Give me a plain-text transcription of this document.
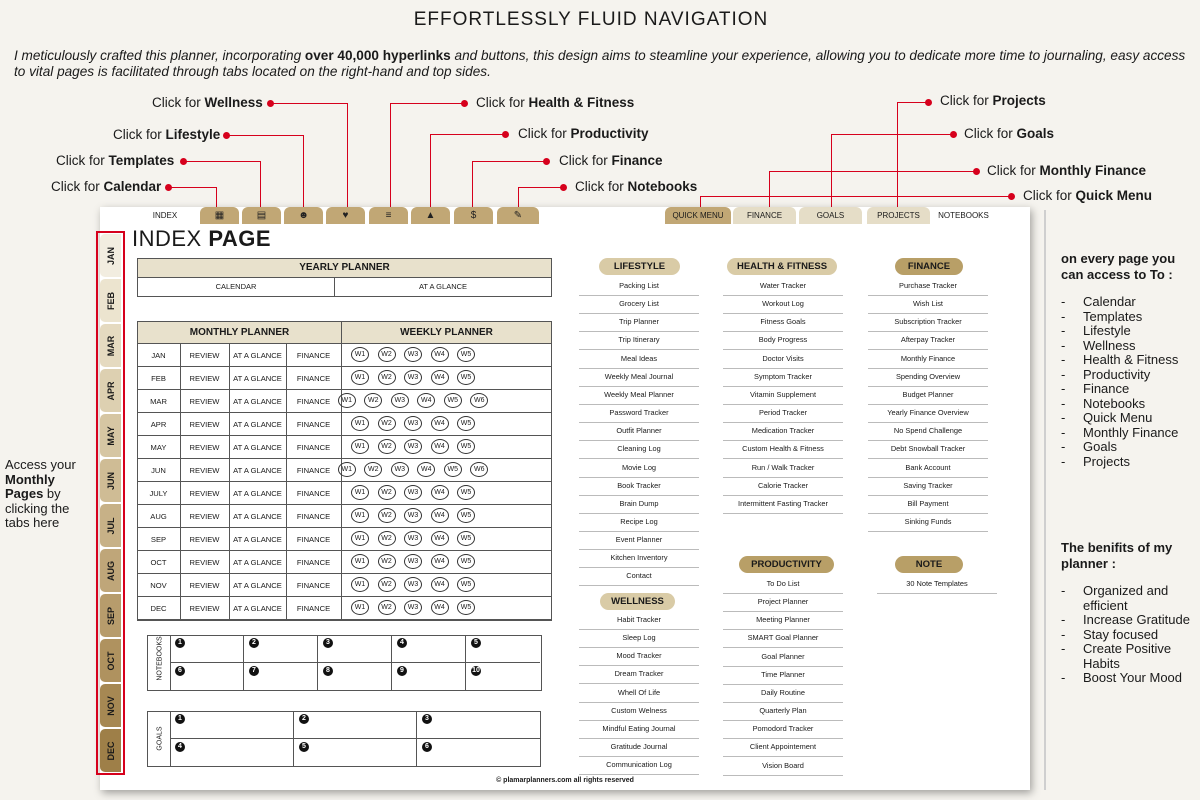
EFFORTLESSLY FLUID NAVIGATION
I meticulously crafted this planner, incorporating over 40,000 hyperlinks and buttons, this design aims to steamline your experience, allowing you to dedicate more time to journaling, easy access to vital pages is facilitated through tabs located on the right-hand and top sides.
Click for Wellness
Click for Lifestyle
Click for Templates
Click for Calendar
Click for Health & Fitness
Click for Productivity
Click for Finance
Click for Notebooks
Click for Projects
Click for Goals
Click for Monthly Finance
Click for Quick Menu
INDEX	▦	▤	☻	♥	≡	▲	$	✎	QUICK MENU	FINANCE	GOALS	PROJECTS	NOTEBOOKS
JAN
FEB
MAR
APR
MAY
JUN
JUL
AUG
SEP
OCT
NOV
DEC
INDEX PAGE
YEARLY PLANNER
CALENDAR	AT A GLANCE
MONTHLY PLANNER	WEEKLY PLANNER
JAN	REVIEW	AT A GLANCE	FINANCE	W1	W2	W3	W4	W5
FEB	REVIEW	AT A GLANCE	FINANCE	W1	W2	W3	W4	W5
MAR	REVIEW	AT A GLANCE	FINANCE	W1	W2	W3	W4	W5	W6
APR	REVIEW	AT A GLANCE	FINANCE	W1	W2	W3	W4	W5
MAY	REVIEW	AT A GLANCE	FINANCE	W1	W2	W3	W4	W5
JUN	REVIEW	AT A GLANCE	FINANCE	W1	W2	W3	W4	W5	W6
JULY	REVIEW	AT A GLANCE	FINANCE	W1	W2	W3	W4	W5
AUG	REVIEW	AT A GLANCE	FINANCE	W1	W2	W3	W4	W5
SEP	REVIEW	AT A GLANCE	FINANCE	W1	W2	W3	W4	W5
OCT	REVIEW	AT A GLANCE	FINANCE	W1	W2	W3	W4	W5
NOV	REVIEW	AT A GLANCE	FINANCE	W1	W2	W3	W4	W5
DEC	REVIEW	AT A GLANCE	FINANCE	W1	W2	W3	W4	W5
NOTEBOOKS	1	2	3	4	5
6	7	8	9	10
GOALS
1	2	3
4	5	6
LIFESTYLE
Packing List
Grocery List
Trip Planner
Trip Itinerary
Meal Ideas
Weekly Meal Journal
Weekly Meal Planner
Password Tracker
Outfit Planner
Cleaning Log
Movie Log
Book Tracker
Brain Dump
Recipe Log
Event Planner
Kitchen Inventory
Contact
HEALTH & FITNESS
Water Tracker
Workout Log
Fitness Goals
Body Progress
Doctor Visits
Symptom Tracker
Vitamin Supplement
Period Tracker
Medication Tracker
Custom Health & Fitness
Run / Walk Tracker
Calorie Tracker
Intermittent Fasting Tracker
FINANCE
Purchase Tracker
Wish List
Subscription Tracker
Afterpay Tracker
Monthly Finance
Spending Overview
Budget Planner
Yearly Finance Overview
No Spend Challenge
Debt Snowball Tracker
Bank Account
Saving Tracker
Bill Payment
Sinking Funds
WELLNESS
Habit Tracker
Sleep Log
Mood Tracker
Dream Tracker
Whell Of Life
Custom Welness
Mindful Eating Journal
Gratitude Journal
Communication Log
PRODUCTIVITY
To Do List
Project Planner
Meeting Planner
SMART Goal Planner
Goal Planner
Time Planner
Daily Routine
Quarterly Plan
Pomodord Tracker
Client Appointement
Vision Board
NOTE
30 Note Templates
© plamarplanners.com all rights reserved
Access your Monthly Pages by clicking the tabs here
on every page you can access to To :
- Calendar
- Templates
- Lifestyle
- Wellness
- Health & Fitness
- Productivity
- Finance
- Notebooks
- Quick Menu
- Monthly Finance
- Goals
- Projects
The benifits of my planner :
- Organized and efficient
- Increase Gratitude
- Stay focused
- Create Positive Habits
- Boost Your Mood
